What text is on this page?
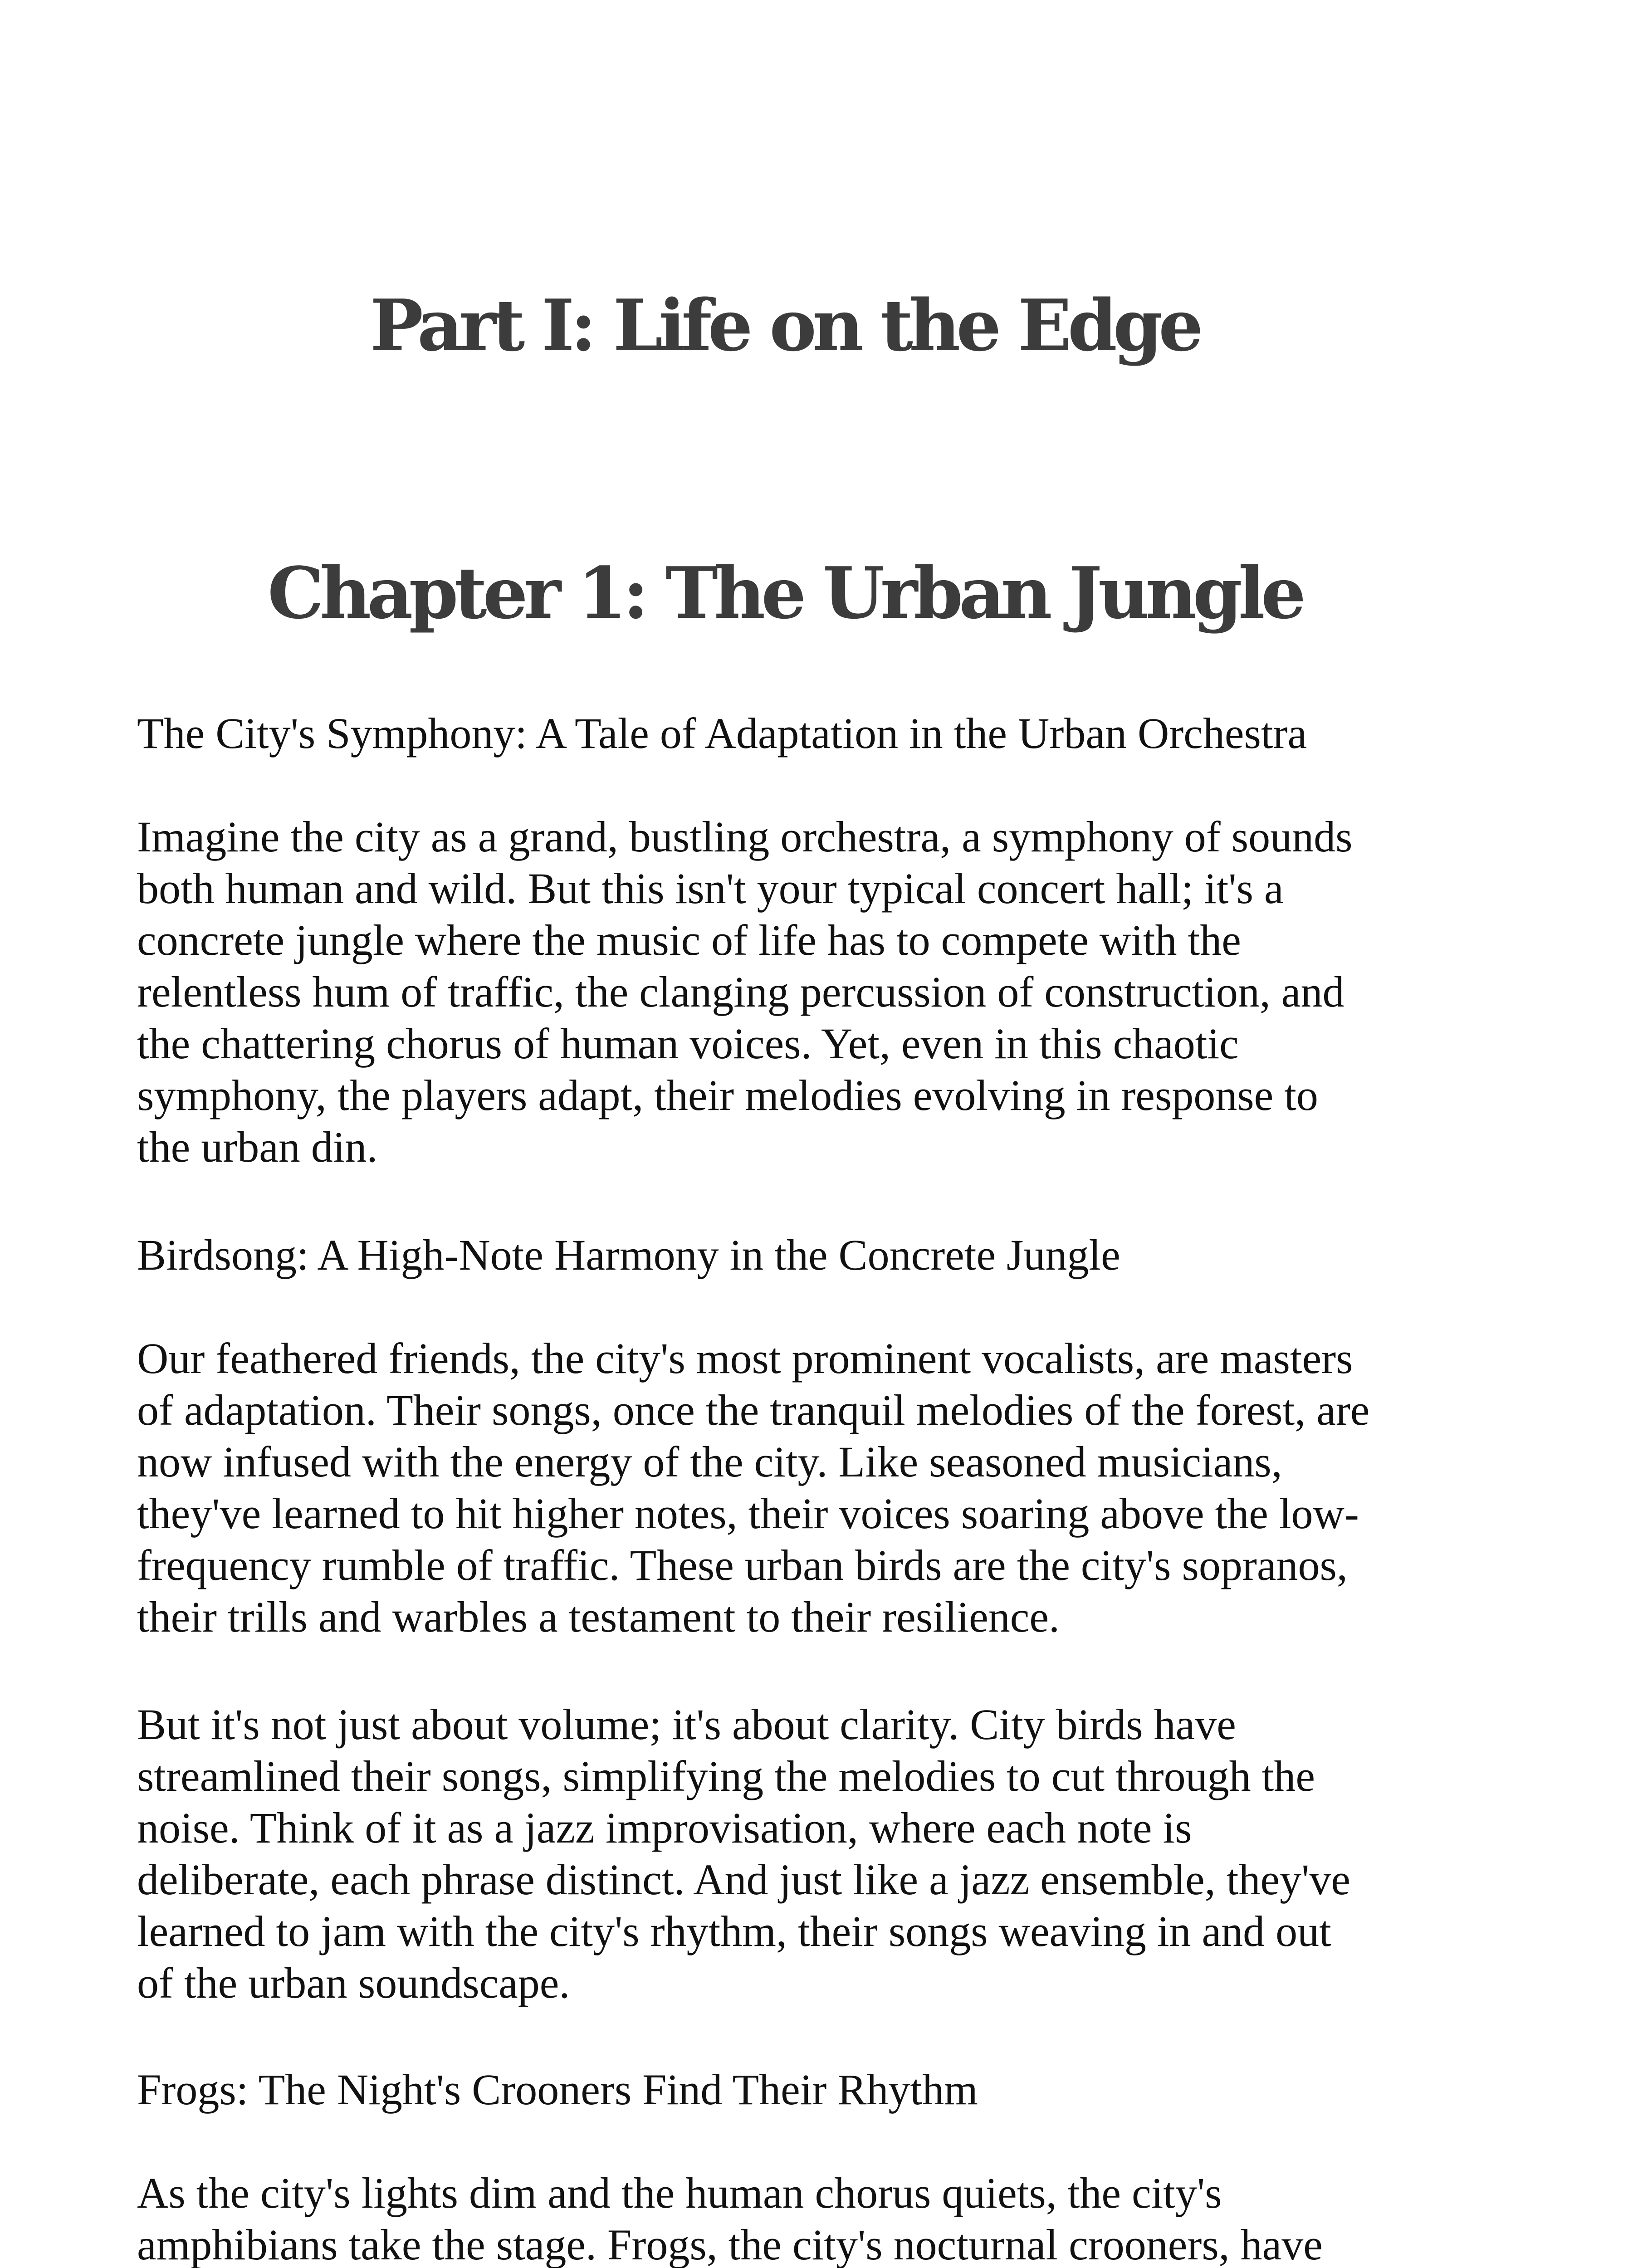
Part I: Life on the Edge
Chapter 1: The Urban Jungle
The City's Symphony: A Tale of Adaptation in the Urban Orchestra
Imagine the city as a grand, bustling orchestra, a symphony of sounds
both human and wild. But this isn't your typical concert hall; it's a
concrete jungle where the music of life has to compete with the
relentless hum of traffic, the clanging percussion of construction, and
the chattering chorus of human voices. Yet, even in this chaotic
symphony, the players adapt, their melodies evolving in response to
the urban din.
Birdsong: A High-Note Harmony in the Concrete Jungle
Our feathered friends, the city's most prominent vocalists, are masters
of adaptation. Their songs, once the tranquil melodies of the forest, are
now infused with the energy of the city. Like seasoned musicians,
they've learned to hit higher notes, their voices soaring above the low-
frequency rumble of traffic. These urban birds are the city's sopranos,
their trills and warbles a testament to their resilience.
But it's not just about volume; it's about clarity. City birds have
streamlined their songs, simplifying the melodies to cut through the
noise. Think of it as a jazz improvisation, where each note is
deliberate, each phrase distinct. And just like a jazz ensemble, they've
learned to jam with the city's rhythm, their songs weaving in and out
of the urban soundscape.
Frogs: The Night's Crooners Find Their Rhythm
As the city's lights dim and the human chorus quiets, the city's
amphibians take the stage. Frogs, the city's nocturnal crooners, have
